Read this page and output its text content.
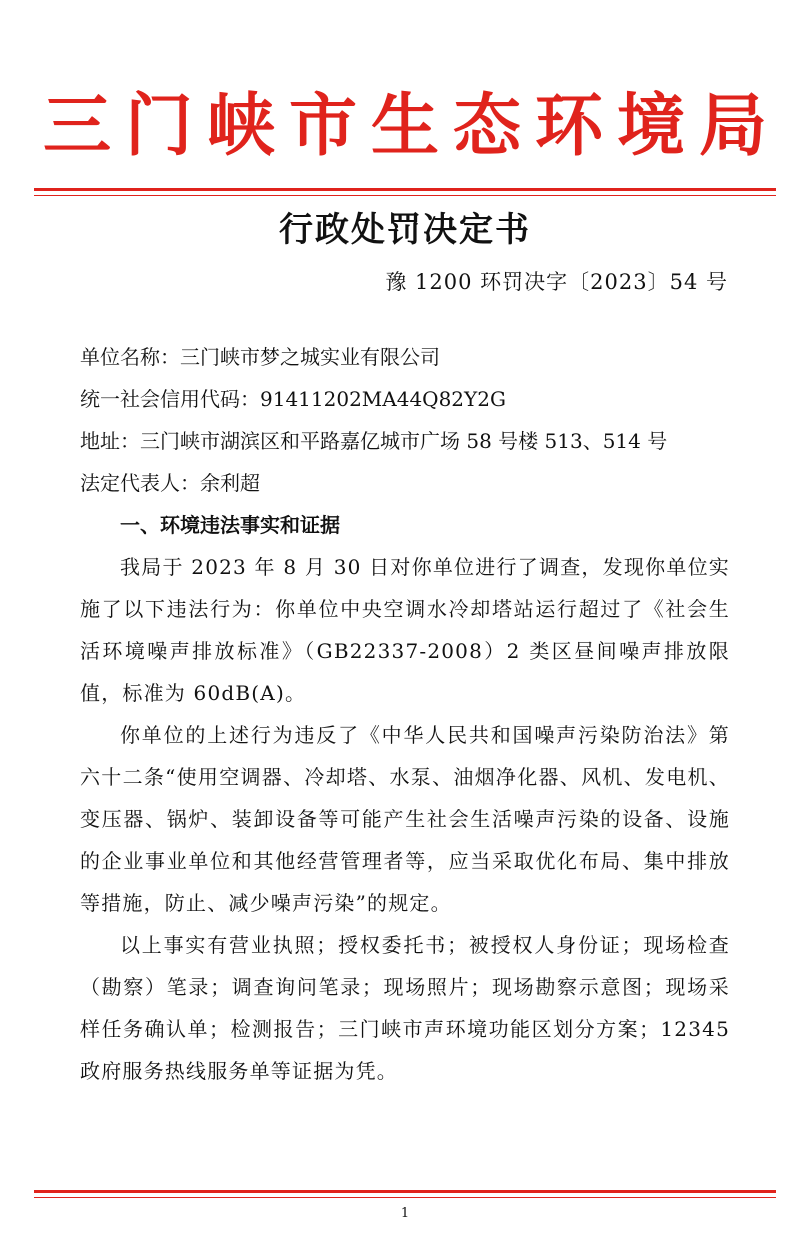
三门峡市生态环境局
行政处罚决定书
豫 1200 环罚决字〔2023〕54 号
单位名称：三门峡市梦之城实业有限公司
统一社会信用代码：91411202MA44Q82Y2G
地址：三门峡市湖滨区和平路嘉亿城市广场 58 号楼 513、514 号
法定代表人：余利超
一、环境违法事实和证据

我局于 2023 年 8 月 30 日对你单位进行了调查，发现你单位实施了以下违法行为：你单位中央空调水冷却塔站运行超过了《社会生活环境噪声排放标准》（GB22337-2008）2 类区昼间噪声排放限值，标准为 60dB(A)。

你单位的上述行为违反了《中华人民共和国噪声污染防治法》第六十二条“使用空调器、冷却塔、水泵、油烟净化器、风机、发电机、变压器、锅炉、装卸设备等可能产生社会生活噪声污染的设备、设施的企业事业单位和其他经营管理者等，应当采取优化布局、集中排放等措施，防止、减少噪声污染”的规定。

以上事实有营业执照；授权委托书；被授权人身份证；现场检查（勘察）笔录；调查询问笔录；现场照片；现场勘察示意图；现场采样任务确认单；检测报告；三门峡市声环境功能区划分方案；12345 政府服务热线服务单等证据为凭。

1
